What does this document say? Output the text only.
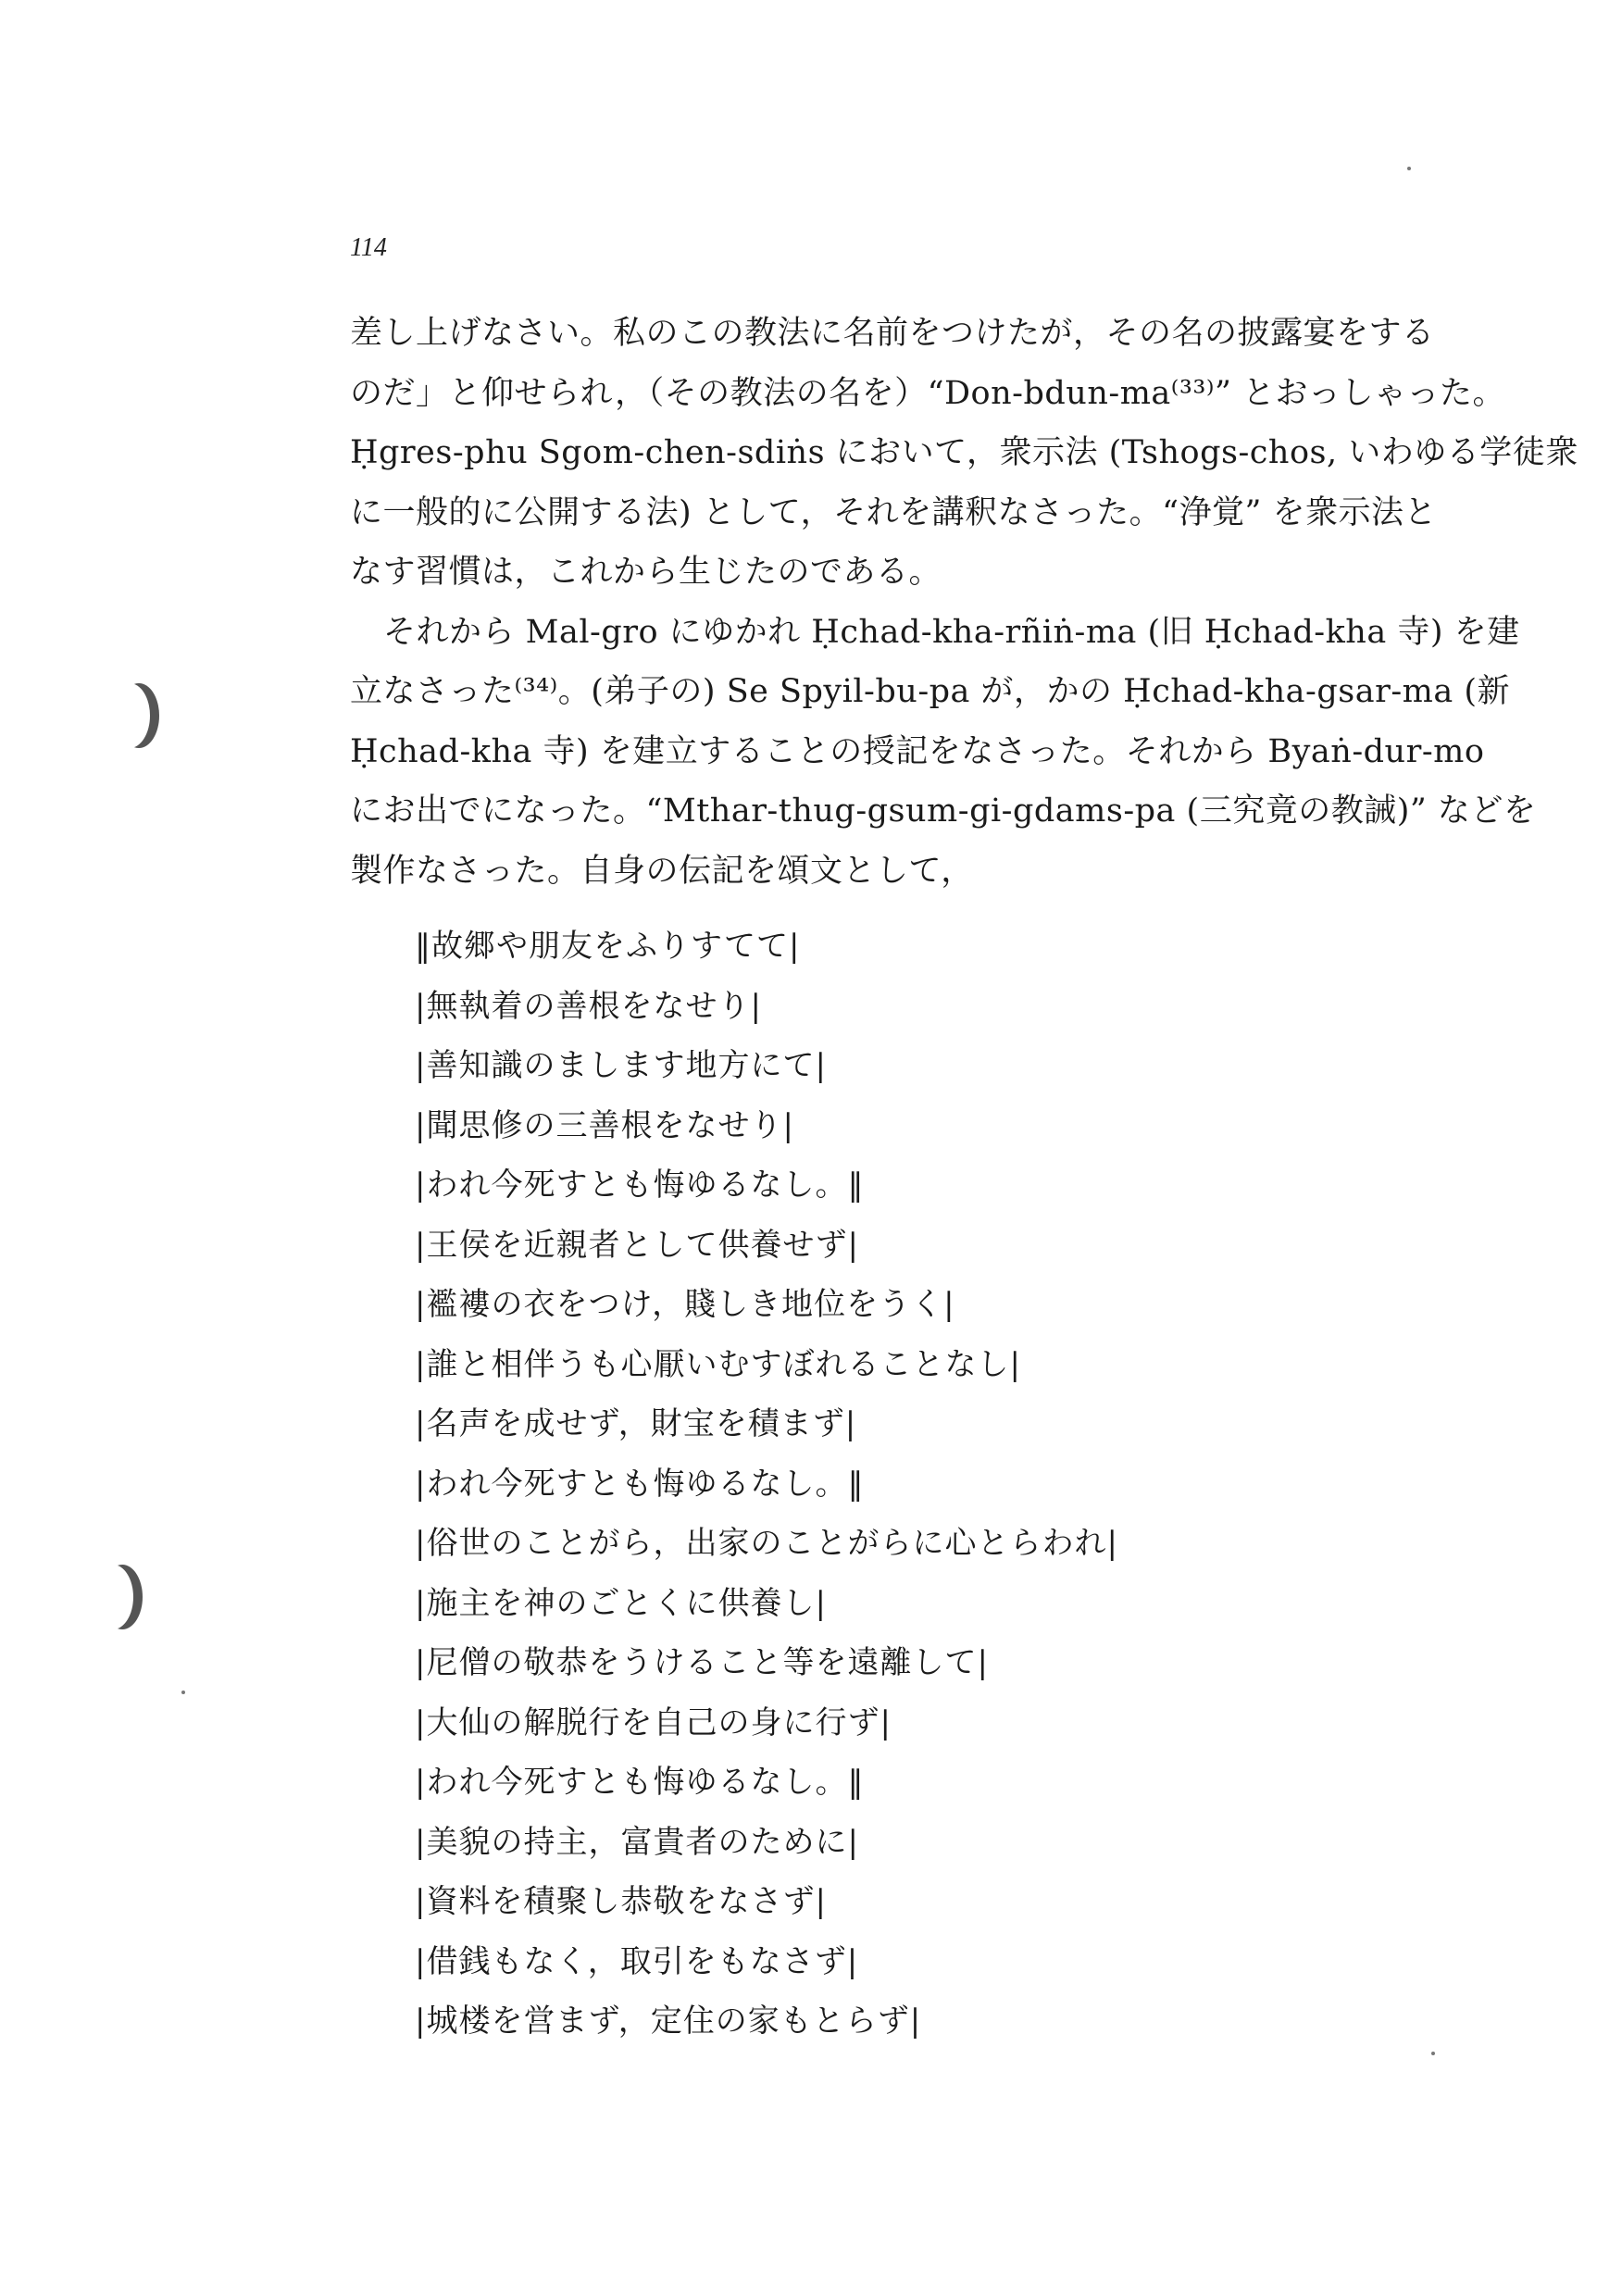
114

差し上げなさい。私のこの教法に名前をつけたが，その名の披露宴をする
のだ」と仰せられ，（その教法の名を）“Don-bdun-ma⁽³³⁾” とおっしゃった。
Ḥgres-phu Sgom-chen-sdiṅs において，衆示法 (Tshogs-chos, いわゆる学徒衆
に一般的に公開する法) として，それを講釈なさった。“浄覚” を衆示法と
なす習慣は，これから生じたのである。

それから Mal-gro にゆかれ Ḥchad-kha-rñiṅ-ma (旧 Ḥchad-kha 寺) を建
立なさった⁽³⁴⁾。(弟子の) Se Spyil-bu-pa が，かの Ḥchad-kha-gsar-ma (新
Ḥchad-kha 寺) を建立することの授記をなさった。それから Byaṅ-dur-mo
にお出でになった。“Mthar-thug-gsum-gi-gdams-pa (三究竟の教誡)” などを
製作なさった。自身の伝記を頌文として，

‖故郷や朋友をふりすてて|
|無執着の善根をなせり|
|善知識のまします地方にて|
|聞思修の三善根をなせり|
|われ今死すとも悔ゆるなし。‖
|王侯を近親者として供養せず|
|襤褸の衣をつけ，賤しき地位をうく|
|誰と相伴うも心厭いむすぼれることなし|
|名声を成せず，財宝を積まず|
|われ今死すとも悔ゆるなし。‖
|俗世のことがら，出家のことがらに心とらわれ|
|施主を神のごとくに供養し|
|尼僧の敬恭をうけること等を遠離して|
|大仙の解脱行を自己の身に行ず|
|われ今死すとも悔ゆるなし。‖
|美貌の持主，富貴者のために|
|資料を積聚し恭敬をなさず|
|借銭もなく，取引をもなさず|
|城楼を営まず，定住の家もとらず|
